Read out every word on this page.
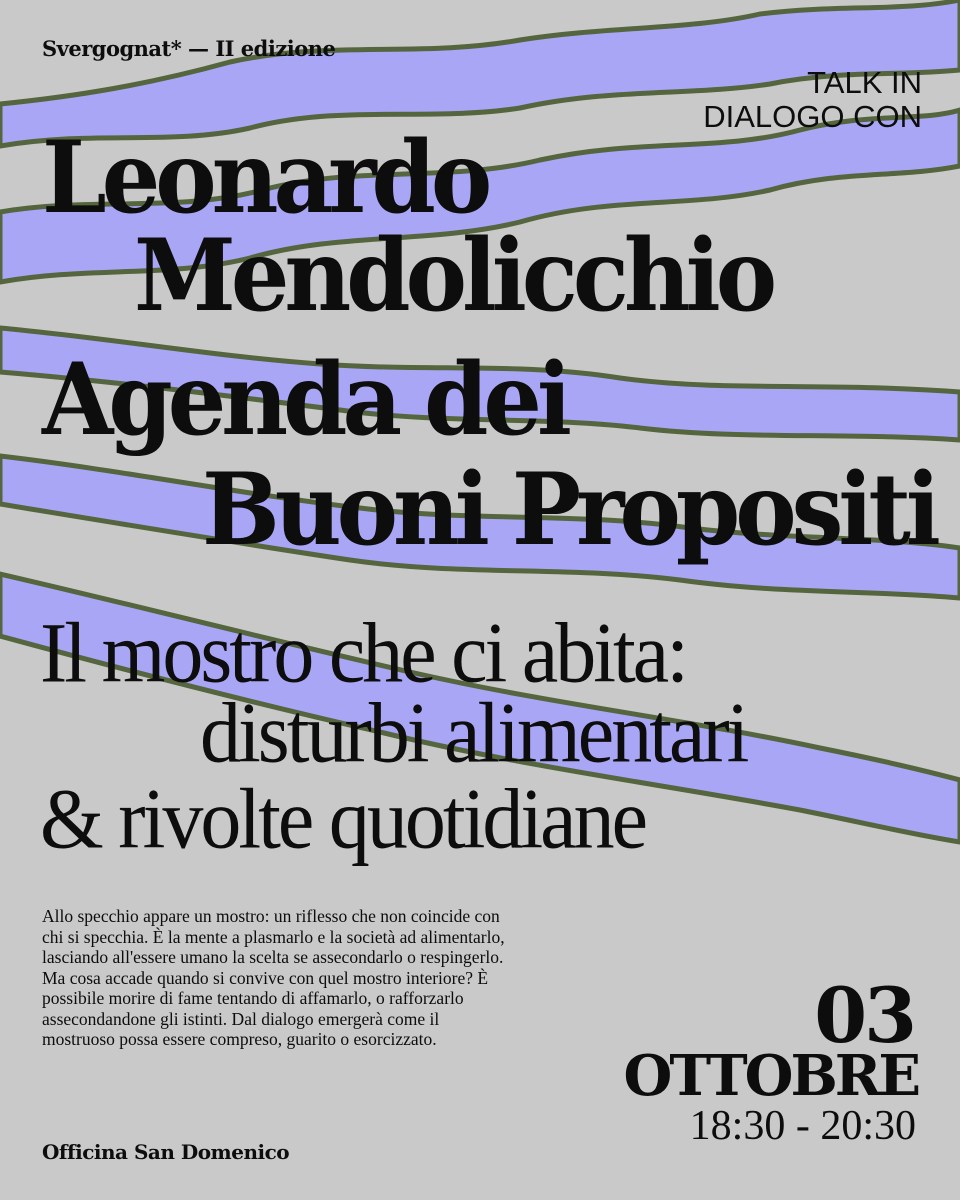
Svergognat* — II edizione
TALK IN
DIALOGO CON
Leonardo
Mendolicchio
Agenda dei
Buoni Propositi
Il mostro che ci abita:
disturbi alimentari
& rivolte quotidiane
Allo specchio appare un mostro: un riflesso che non coincide con chi si specchia. È la mente a plasmarlo e la società ad alimentarlo, lasciando all'essere umano la scelta se assecondarlo o respingerlo. Ma cosa accade quando si convive con quel mostro interiore? È possibile morire di fame tentando di affamarlo, o rafforzarlo assecondandone gli istinti. Dal dialogo emergerà come il mostruoso possa essere compreso, guarito o esorcizzato.	03
OTTOBRE
18:30 - 20:30
Officina San Domenico
